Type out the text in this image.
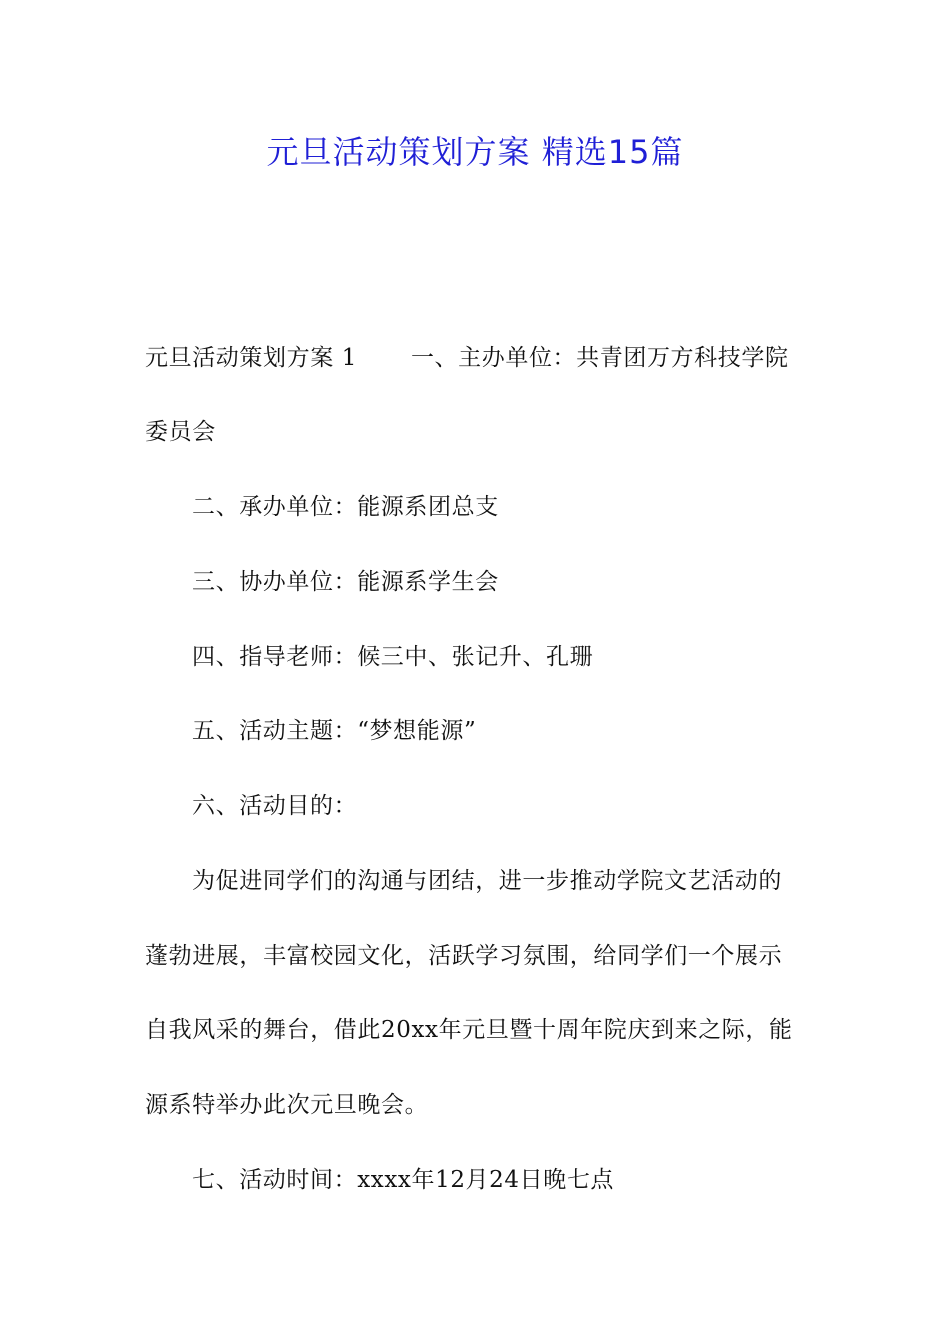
元旦活动策划方案 精选15篇
元旦活动策划方案 1 一、主办单位：共青团万方科技学院
委员会
二、承办单位：能源系团总支
三、协办单位：能源系学生会
四、指导老师：候三中、张记升、孔珊
五、活动主题：“梦想能源”
六、活动目的：
为促进同学们的沟通与团结，进一步推动学院文艺活动的
蓬勃进展，丰富校园文化，活跃学习氛围，给同学们一个展示
自我风采的舞台，借此20xx年元旦暨十周年院庆到来之际，能
源系特举办此次元旦晚会。
七、活动时间：xxxx年12月24日晚七点
